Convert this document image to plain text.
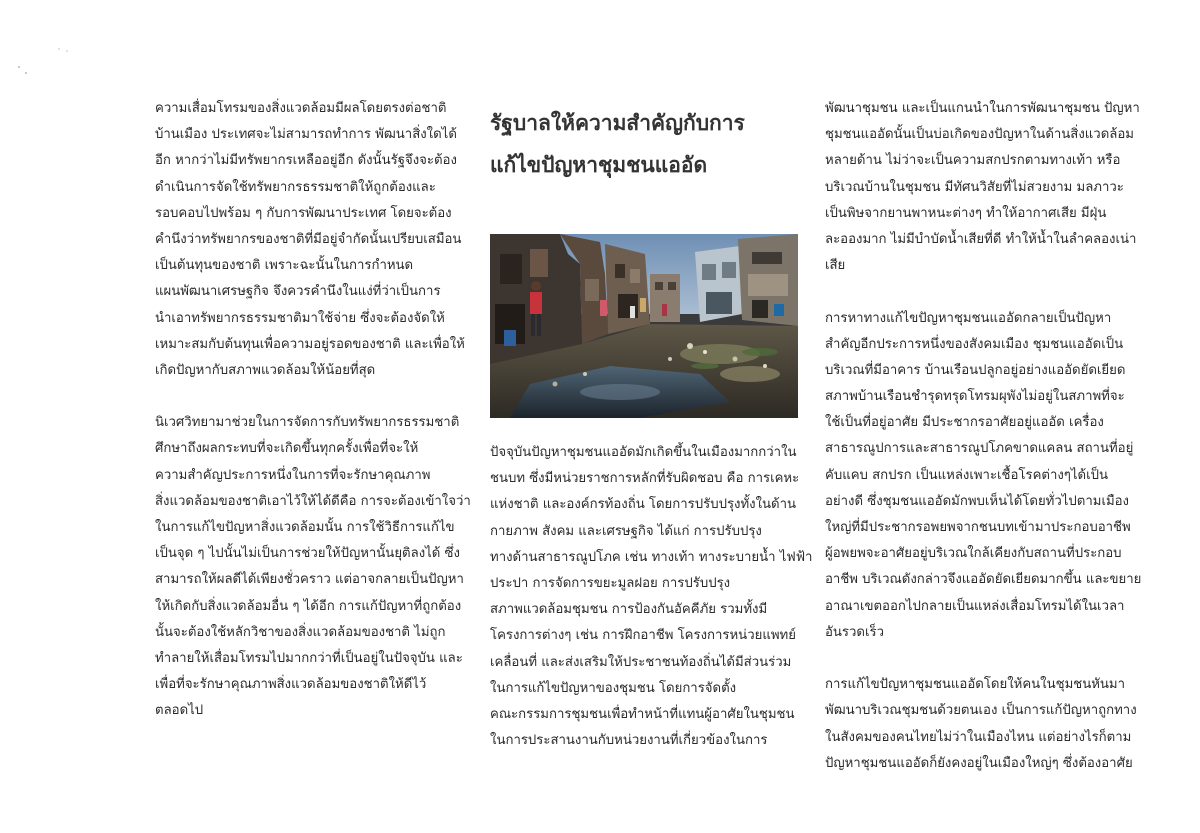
ความเสื่อมโทรมของสิ่งแวดล้อมมีผลโดยตรงต่อชาติ
บ้านเมือง ประเทศจะไม่สามารถทำการ พัฒนาสิ่งใดได้
อีก หากว่าไม่มีทรัพยากรเหลืออยู่อีก ดังนั้นรัฐจึงจะต้อง
ดำเนินการจัดใช้ทรัพยากรธรรมชาติให้ถูกต้องและ
รอบคอบไปพร้อม ๆ กับการพัฒนาประเทศ โดยจะต้อง
คำนึงว่าทรัพยากรของชาติที่มีอยู่จำกัดนั้นเปรียบเสมือน
เป็นต้นทุนของชาติ เพราะฉะนั้นในการกำหนด
แผนพัฒนาเศรษฐกิจ จึงควรคำนึงในแง่ที่ว่าเป็นการ
นำเอาทรัพยากรธรรมชาติมาใช้จ่าย ซึ่งจะต้องจัดให้
เหมาะสมกับต้นทุนเพื่อความอยู่รอดของชาติ และเพื่อให้
เกิดปัญหากับสภาพแวดล้อมให้น้อยที่สุด
นิเวศวิทยามาช่วยในการจัดการกับทรัพยากรธรรมชาติ
ศึกษาถึงผลกระทบที่จะเกิดขึ้นทุกครั้งเพื่อที่จะให้
ความสำคัญประการหนึ่งในการที่จะรักษาคุณภาพ
สิ่งแวดล้อมของชาติเอาไว้ให้ได้ดีคือ การจะต้องเข้าใจว่า
ในการแก้ไขปัญหาสิ่งแวดล้อมนั้น การใช้วิธีการแก้ไข
เป็นจุด ๆ ไปนั้นไม่เป็นการช่วยให้ปัญหานั้นยุติลงได้ ซึ่ง
สามารถให้ผลดีได้เพียงชั่วคราว แต่อาจกลายเป็นปัญหา
ให้เกิดกับสิ่งแวดล้อมอื่น ๆ ได้อีก การแก้ปัญหาที่ถูกต้อง
นั้นจะต้องใช้หลักวิชาของสิ่งแวดล้อมของชาติ ไม่ถูก
ทำลายให้เสื่อมโทรมไปมากกว่าที่เป็นอยู่ในปัจจุบัน และ
เพื่อที่จะรักษาคุณภาพสิ่งแวดล้อมของชาติให้ดีไว้
ตลอดไป
รัฐบาลให้ความสำคัญกับการ
แก้ไขปัญหาชุมชนแออัด
ปัจจุบันปัญหาชุมชนแออัดมักเกิดขึ้นในเมืองมากกว่าใน
ชนบท ซึ่งมีหน่วยราชการหลักที่รับผิดชอบ คือ การเคหะ
แห่งชาติ และองค์กรท้องถิ่น โดยการปรับปรุงทั้งในด้าน
กายภาพ สังคม และเศรษฐกิจ ได้แก่ การปรับปรุง
ทางด้านสาธารณูปโภค เช่น ทางเท้า ทางระบายน้ำ ไฟฟ้า
ประปา การจัดการขยะมูลฝอย การปรับปรุง
สภาพแวดล้อมชุมชน การป้องกันอัคคีภัย รวมทั้งมี
โครงการต่างๆ เช่น การฝึกอาชีพ โครงการหน่วยแพทย์
เคลื่อนที่ และส่งเสริมให้ประชาชนท้องถิ่นได้มีส่วนร่วม
ในการแก้ไขปัญหาของชุมชน โดยการจัดตั้ง
คณะกรรมการชุมชนเพื่อทำหน้าที่แทนผู้อาศัยในชุมชน
ในการประสานงานกับหน่วยงานที่เกี่ยวข้องในการ
พัฒนาชุมชน และเป็นแกนนำในการพัฒนาชุมชน ปัญหา
ชุมชนแออัดนั้นเป็นบ่อเกิดของปัญหาในด้านสิ่งแวดล้อม
หลายด้าน ไม่ว่าจะเป็นความสกปรกตามทางเท้า หรือ
บริเวณบ้านในชุมชน มีทัศนวิสัยที่ไม่สวยงาม มลภาวะ
เป็นพิษจากยานพาหนะต่างๆ ทำให้อากาศเสีย มีฝุ่น
ละอองมาก ไม่มีบำบัดน้ำเสียที่ดี ทำให้น้ำในลำคลองเน่า
เสีย
การหาทางแก้ไขปัญหาชุมชนแออัดกลายเป็นปัญหา
สำคัญอีกประการหนึ่งของสังคมเมือง ชุมชนแออัดเป็น
บริเวณที่มีอาคาร บ้านเรือนปลูกอยู่อย่างแออัดยัดเยียด
สภาพบ้านเรือนชำรุดทรุดโทรมผุพังไม่อยู่ในสภาพที่จะ
ใช้เป็นที่อยู่อาศัย มีประชากรอาศัยอยู่แออัด เครื่อง
สาธารณูปการและสาธารณูปโภคขาดแคลน สถานที่อยู่
คับแคบ สกปรก เป็นแหล่งเพาะเชื้อโรคต่างๆได้เป็น
อย่างดี ซึ่งชุมชนแออัดมักพบเห็นได้โดยทั่วไปตามเมือง
ใหญ่ที่มีประชากรอพยพจากชนบทเข้ามาประกอบอาชีพ
ผู้อพยพจะอาศัยอยู่บริเวณใกล้เคียงกับสถานที่ประกอบ
อาชีพ บริเวณดังกล่าวจึงแออัดยัดเยียดมากขึ้น และขยาย
อาณาเขตออกไปกลายเป็นแหล่งเสื่อมโทรมได้ในเวลา
อันรวดเร็ว
การแก้ไขปัญหาชุมชนแออัดโดยให้คนในชุมชนหันมา
พัฒนาบริเวณชุมชนด้วยตนเอง เป็นการแก้ปัญหาถูกทาง
ในสังคมของคนไทยไม่ว่าในเมืองไหน แต่อย่างไรก็ตาม
ปัญหาชุมชนแออัดก็ยังคงอยู่ในเมืองใหญ่ๆ ซึ่งต้องอาศัย
